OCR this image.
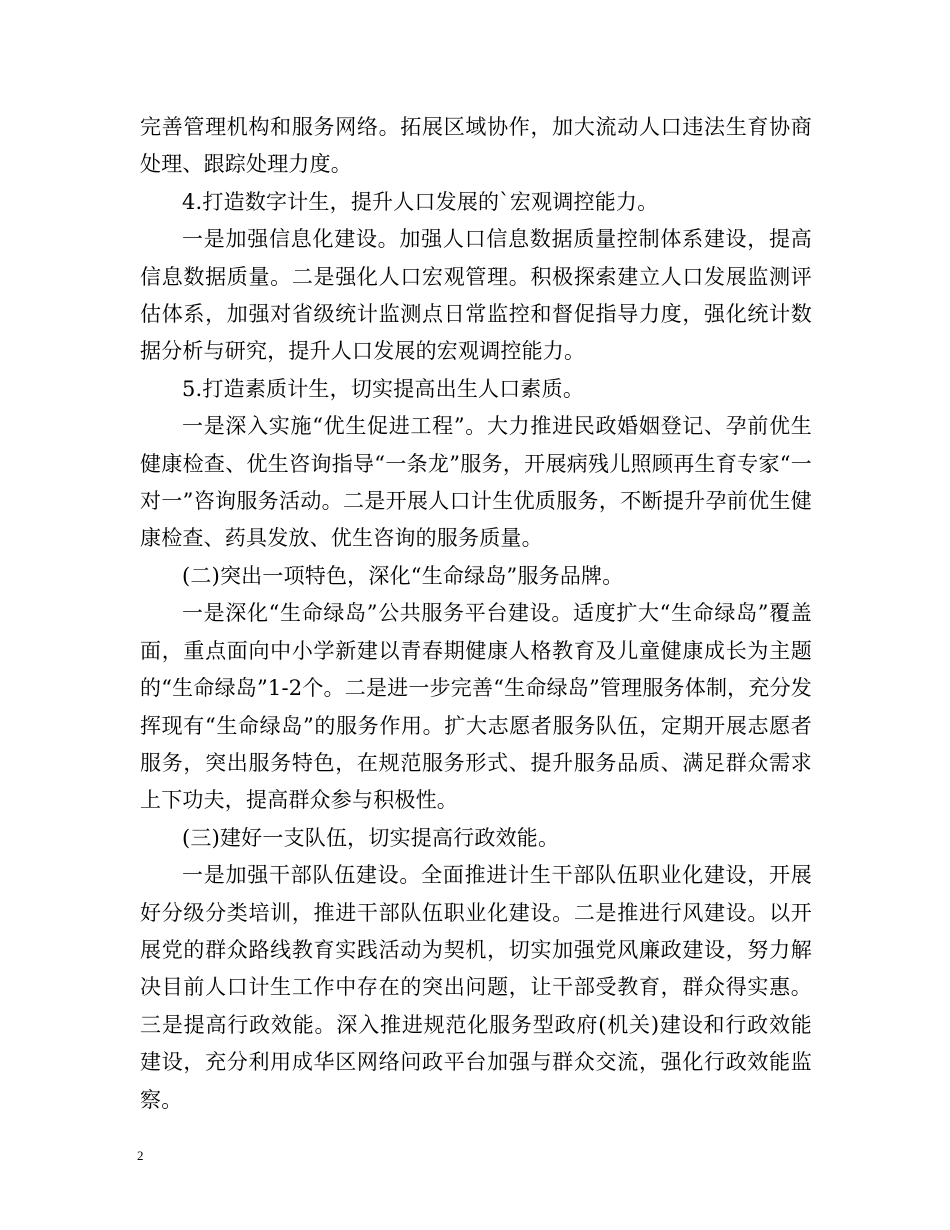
完善管理机构和服务网络。拓展区域协作，加大流动人口违法生育协商处理、跟踪处理力度。

4.打造数字计生，提升人口发展的`宏观调控能力。

一是加强信息化建设。加强人口信息数据质量控制体系建设，提高信息数据质量。二是强化人口宏观管理。积极探索建立人口发展监测评估体系，加强对省级统计监测点日常监控和督促指导力度，强化统计数据分析与研究，提升人口发展的宏观调控能力。

5.打造素质计生，切实提高出生人口素质。

一是深入实施“优生促进工程”。大力推进民政婚姻登记、孕前优生健康检查、优生咨询指导“一条龙”服务，开展病残儿照顾再生育专家“一对一”咨询服务活动。二是开展人口计生优质服务，不断提升孕前优生健康检查、药具发放、优生咨询的服务质量。

(二)突出一项特色，深化“生命绿岛”服务品牌。

一是深化“生命绿岛”公共服务平台建设。适度扩大“生命绿岛”覆盖面，重点面向中小学新建以青春期健康人格教育及儿童健康成长为主题的“生命绿岛”1-2个。二是进一步完善“生命绿岛”管理服务体制，充分发挥现有“生命绿岛”的服务作用。扩大志愿者服务队伍，定期开展志愿者服务，突出服务特色，在规范服务形式、提升服务品质、满足群众需求上下功夫，提高群众参与积极性。

(三)建好一支队伍，切实提高行政效能。

一是加强干部队伍建设。全面推进计生干部队伍职业化建设，开展好分级分类培训，推进干部队伍职业化建设。二是推进行风建设。以开展党的群众路线教育实践活动为契机，切实加强党风廉政建设，努力解决目前人口计生工作中存在的突出问题，让干部受教育，群众得实惠。三是提高行政效能。深入推进规范化服务型政府(机关)建设和行政效能建设，充分利用成华区网络问政平台加强与群众交流，强化行政效能监察。

2
